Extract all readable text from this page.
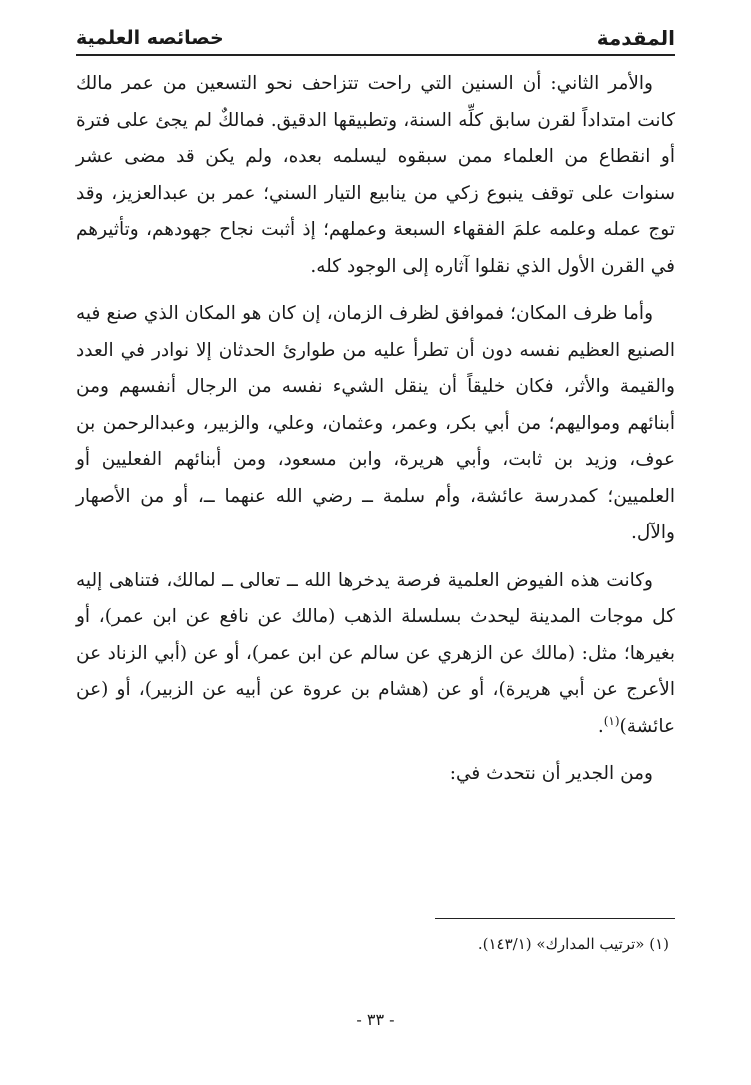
المقدمة
خصائصه العلمية

والأمر الثاني: أن السنين التي راحت تتزاحف نحو التسعين من عمر مالك كانت امتداداً لقرن سابق كلِّه السنة، وتطبيقها الدقيق. فمالكٌ لم يجئ على فترة أو انقطاع من العلماء ممن سبقوه ليسلمه بعده، ولم يكن قد مضى عشر سنوات على توقف ينبوع زكي من ينابيع التيار السني؛ عمر بن عبدالعزيز، وقد توج عمله وعلمه علمَ الفقهاء السبعة وعملهم؛ إذ أثبت نجاح جهودهم، وتأثيرهم في القرن الأول الذي نقلوا آثاره إلى الوجود كله.

وأما ظرف المكان؛ فموافق لظرف الزمان، إن كان هو المكان الذي صنع فيه الصنيع العظيم نفسه دون أن تطرأ عليه من طوارئ الحدثان إلا نوادر في العدد والقيمة والأثر، فكان خليقاً أن ينقل الشيء نفسه من الرجال أنفسهم ومن أبنائهم ومواليهم؛ من أبي بكر، وعمر، وعثمان، وعلي، والزبير، وعبدالرحمن بن عوف، وزيد بن ثابت، وأبي هريرة، وابن مسعود، ومن أبنائهم الفعليين أو العلميين؛ كمدرسة عائشة، وأم سلمة ــ رضي الله عنهما ــ، أو من الأصهار والآل.

وكانت هذه الفيوض العلمية فرصة يدخرها الله ــ تعالى ــ لمالك، فتناهى إليه كل موجات المدينة ليحدث بسلسلة الذهب (مالك عن نافع عن ابن عمر)، أو بغيرها؛ مثل: (مالك عن الزهري عن سالم عن ابن عمر)، أو عن (أبي الزناد عن الأعرج عن أبي هريرة)، أو عن (هشام بن عروة عن أبيه عن الزبير)، أو (عن عائشة)$^{(١)}$.

ومن الجدير أن نتحدث في:

(١) «ترتيب المدارك» (١٤٣/١).
- ٣٣ -
